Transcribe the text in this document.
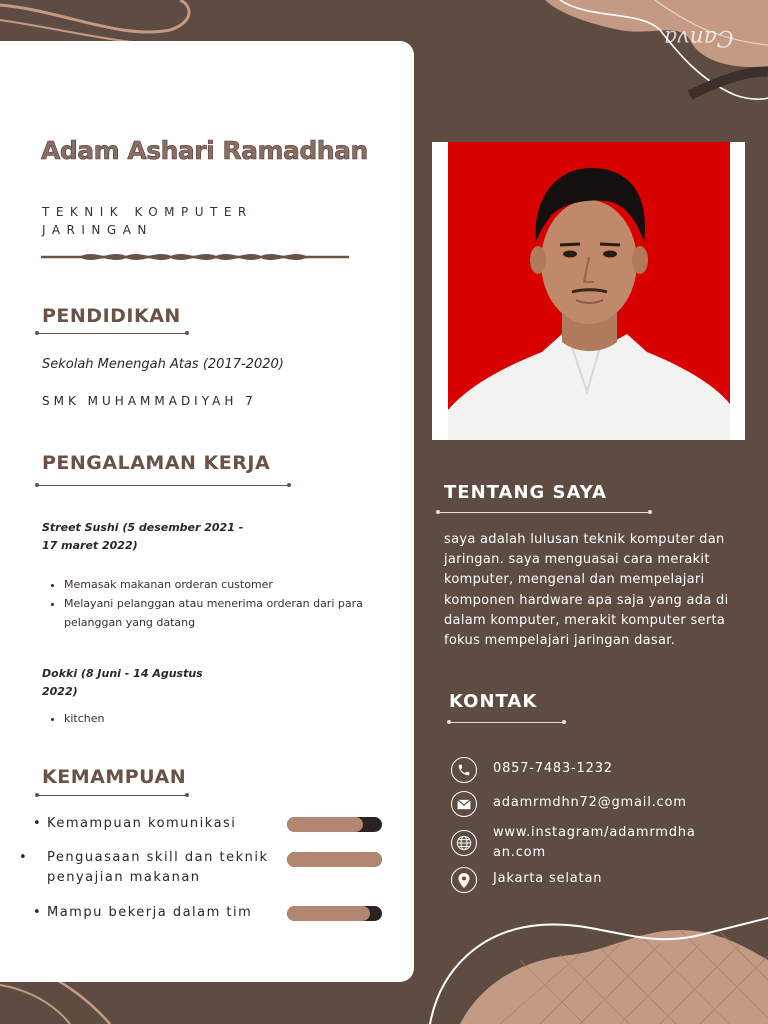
Canva
Adam Ashari Ramadhan
TEKNIK KOMPUTER JARINGAN
PENDIDIKAN
Sekolah Menengah Atas (2017-2020)
SMK MUHAMMADIYAH 7
PENGALAMAN KERJA
Street Sushi (5 desember 2021 - 17 maret 2022)
• Memasak makanan orderan customer
• Melayani pelanggan atau menerima orderan dari para pelanggan yang datang
Dokki (8 Juni - 14 Agustus 2022)
• kitchen
KEMAMPUAN
• Kemampuan komunikasi
• Penguasaan skill dan teknik penyajian makanan
• Mampu bekerja dalam tim
TENTANG SAYA
saya adalah lulusan teknik komputer dan jaringan. saya menguasai cara merakit komputer, mengenal dan mempelajari komponen hardware apa saja yang ada di dalam komputer, merakit komputer serta fokus mempelajari jaringan dasar.
KONTAK
0857-7483-1232
adamrmdhn72@gmail.com
www.instagram/adamrmdhaan.com
Jakarta selatan
